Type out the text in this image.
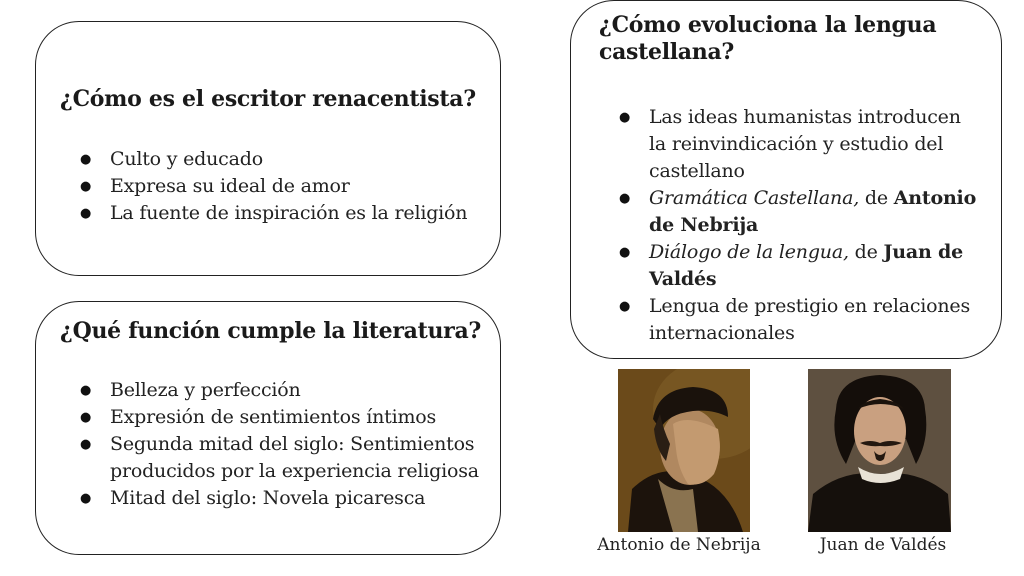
¿Cómo es el escritor renacentista?
● Culto y educado
● Expresa su ideal de amor
● La fuente de inspiración es la religión
¿Qué función cumple la literatura?
● Belleza y perfección
● Expresión de sentimientos íntimos
● Segunda mitad del siglo: Sentimientos producidos por la experiencia religiosa
● Mitad del siglo: Novela picaresca
¿Cómo evoluciona la lengua castellana?
● Las ideas humanistas introducen la reinvindicación y estudio del castellano
● Gramática Castellana, de Antonio de Nebrija
● Diálogo de la lengua, de Juan de Valdés
● Lengua de prestigio en relaciones internacionales
Antonio de Nebrija	Juan de Valdés
